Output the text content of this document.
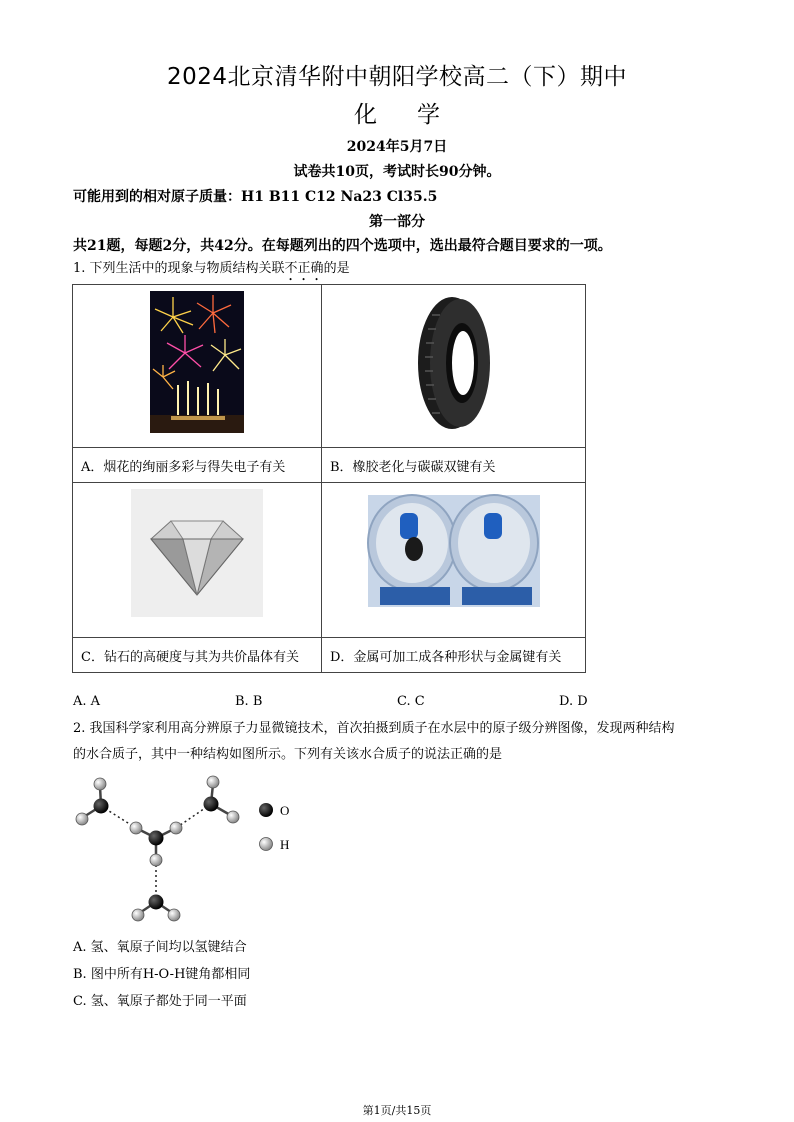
2024北京清华附中朝阳学校高二（下）期中
化学
2024年5月7日
试卷共10页，考试时长90分钟。
可能用到的相对原子质量：H1 B11 C12 Na23 Cl35.5
第一部分
共21题，每题2分，共42分。在每题列出的四个选项中，选出最符合题目要求的一项。
1. 下列生活中的现象与物质结构关联不正确的是

A．烟花的绚丽多彩与得失电子有关	B．橡胶老化与碳碳双键有关

C．钻石的高硬度与其为共价晶体有关	D．金属可加工成各种形状与金属键有关
A. A	B. B	C. C	D. D
2. 我国科学家利用高分辨原子力显微镜技术，首次拍摄到质子在水层中的原子级分辨图像，发现两种结构
的水合质子，其中一种结构如图所示。下列有关该水合质子的说法正确的是
O
H
A. 氢、氧原子间均以氢键结合
B. 图中所有H-O-H键角都相同
C. 氢、氧原子都处于同一平面
第1页/共15页
